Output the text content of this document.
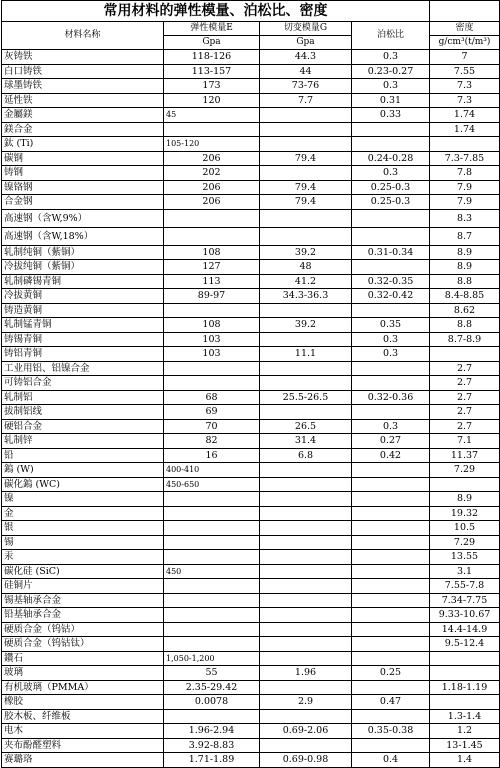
常用材料的弹性模量、泊松比、密度				
材料名称	弹性模量E	切变模量G	泊松比	密度
	Gpa	Gpa		g/cm³(t/m³)
灰铸铁	118-126	44.3	0.3	7
白口铸铁	113-157	44	0.23-0.27	7.55
球墨铸铁	173	73-76	0.3	7.3
延性铁	120	7.7	0.31	7.3
金屬鎂	45		0.33	1.74
鎂合金				1.74
鈦 (Ti)	105-120			
碳钢	206	79.4	0.24-0.28	7.3-7.85
铸钢	202		0.3	7.8
镍铬钢	206	79.4	0.25-0.3	7.9
合金钢	206	79.4	0.25-0.3	7.9
高速钢（含W,9%）				8.3
高速钢（含W,18%）				8.7
轧制纯铜（紫铜）	108	39.2	0.31-0.34	8.9
冷拔纯铜（紫铜）	127	48		8.9
轧制磷锡青铜	113	41.2	0.32-0.35	8.8
冷拔黄铜	89-97	34.3-36.3	0.32-0.42	8.4-8.85
铸造黄铜				8.62
轧制锰青铜	108	39.2	0.35	8.8
铸锡青铜	103		0.3	8.7-8.9
铸铝青铜	103	11.1	0.3	
工业用铝、铝镍合金				2.7
可铸铝合金				2.7
轧制铝	68	25.5-26.5	0.32-0.36	2.7
拔制铝线	69			2.7
硬铝合金	70	26.5	0.3	2.7
轧制锌	82	31.4	0.27	7.1
铅	16	6.8	0.42	11.37
鎢 (W)	400-410			7.29
碳化鎢 (WC)	450-650			
镍				8.9
金				19.32
银				10.5
锡				7.29
汞				13.55
碳化硅 (SiC)	450			3.1
硅铜片				7.55-7.8
锡基轴承合金				7.34-7.75
铅基轴承合金				9.33-10.67
硬质合金（钨钴）				14.4-14.9
硬质合金（钨钴钛）				9.5-12.4
鑽石	1,050-1,200			
玻璃	55	1.96	0.25	
有机玻璃（PMMA）	2.35-29.42			1.18-1.19
橡胶	0.0078	2.9	0.47	
胶木板、纤维板				1.3-1.4
电木	1.96-2.94	0.69-2.06	0.35-0.38	1.2
夹布酚醛塑料	3.92-8.83			13-1.45
赛璐珞	1.71-1.89	0.69-0.98	0.4	1.4
